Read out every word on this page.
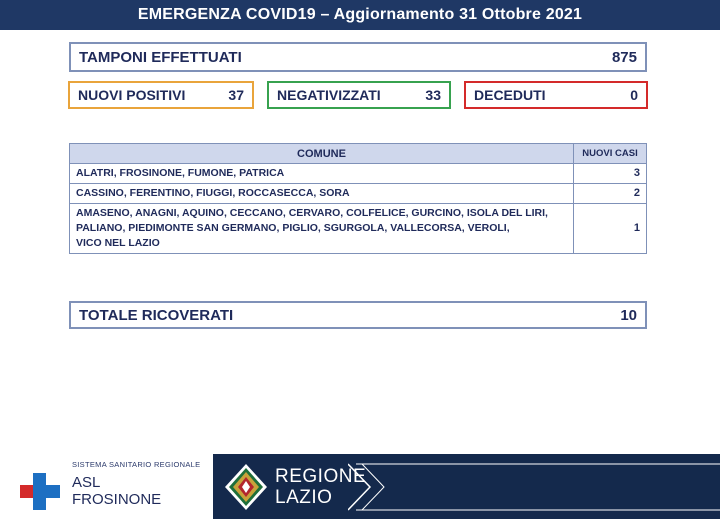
EMERGENZA COVID19 – Aggiornamento 31 Ottobre 2021
TAMPONI EFFETTUATI	875
NUOVI POSITIVI	37 NEGATIVIZZATI	33 DECEDUTI	0
COMUNE	NUOVI CASI
ALATRI, FROSINONE, FUMONE, PATRICA	3
CASSINO, FERENTINO, FIUGGI, ROCCASECCA, SORA	2

AMASENO, ANAGNI, AQUINO, CECCANO, CERVARO, COLFELICE, GURCINO, ISOLA DEL LIRI,
PALIANO, PIEDIMONTE SAN GERMANO, PIGLIO, SGURGOLA, VALLECORSA, VEROLI,
VICO NEL LAZIO	1
TOTALE RICOVERATI	10
SISTEMA SANITARIO REGIONALE
ASL
FROSINONE
REGIONE
LAZIO
